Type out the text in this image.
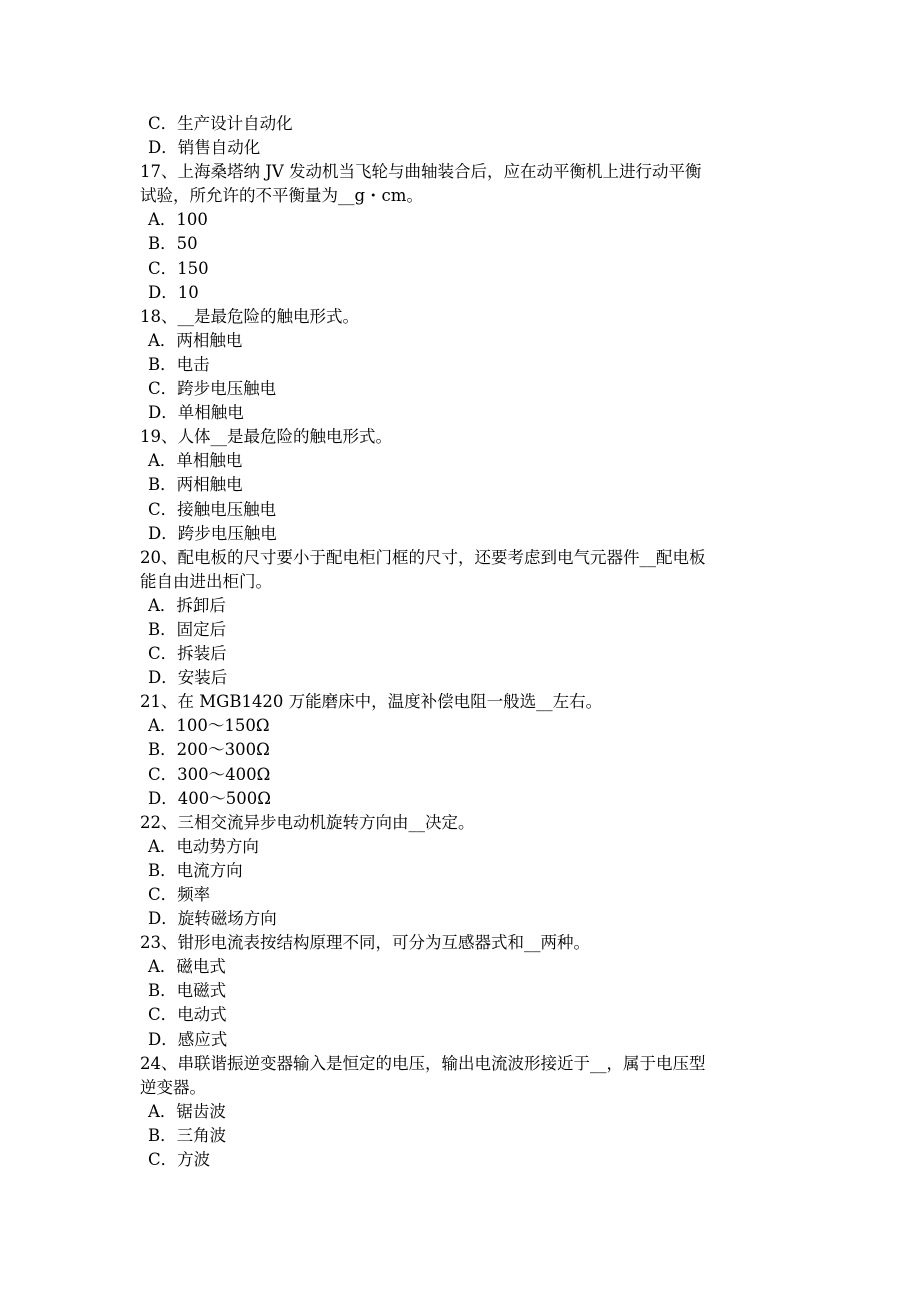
C．生产设计自动化
D．销售自动化
17、上海桑塔纳 JV 发动机当飞轮与曲轴装合后，应在动平衡机上进行动平衡
试验，所允许的不平衡量为__g・cm。
A．100
B．50
C．150
D．10
18、__是最危险的触电形式。
A．两相触电
B．电击
C．跨步电压触电
D．单相触电
19、人体__是最危险的触电形式。
A．单相触电
B．两相触电
C．接触电压触电
D．跨步电压触电
20、配电板的尺寸要小于配电柜门框的尺寸，还要考虑到电气元器件__配电板
能自由进出柜门。
A．拆卸后
B．固定后
C．拆装后
D．安装后
21、在 MGB1420 万能磨床中，温度补偿电阻一般选__左右。
A．100～150Ω
B．200～300Ω
C．300～400Ω
D．400～500Ω
22、三相交流异步电动机旋转方向由__决定。
A．电动势方向
B．电流方向
C．频率
D．旋转磁场方向
23、钳形电流表按结构原理不同，可分为互感器式和__两种。
A．磁电式
B．电磁式
C．电动式
D．感应式
24、串联谐振逆变器输入是恒定的电压，输出电流波形接近于__，属于电压型
逆变器。
A．锯齿波
B．三角波
C．方波
